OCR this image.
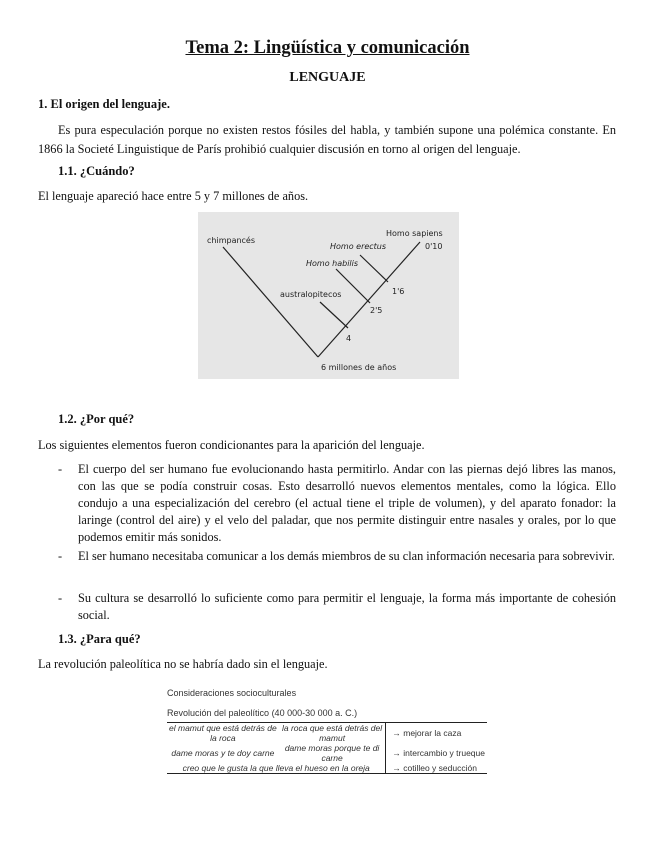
Tema 2: Lingüística y comunicación
LENGUAJE
1. El origen del lenguaje.
Es pura especulación porque no existen restos fósiles del habla, y también supone una polémica constante. En 1866 la Societé Linguistique de París prohibió cualquier discusión en torno al origen del lenguaje.
1.1. ¿Cuándo?
El lenguaje apareció hace entre 5 y 7 millones de años.
chimpancés
Homo sapiens
0'10
Homo erectus
Homo habilis
australopitecos	1'6
2'5
4
6 millones de años
1.2. ¿Por qué?
Los siguientes elementos fueron condicionantes para la aparición del lenguaje.
- El cuerpo del ser humano fue evolucionando hasta permitirlo. Andar con las piernas dejó libres las manos, con las que se podía construir cosas. Esto desarrolló nuevos elementos mentales, como la lógica. Ello condujo a una especialización del cerebro (el actual tiene el triple de volumen), y del aparato fonador: la laringe (control del aire) y el velo del paladar, que nos permite distinguir entre nasales y orales, por lo que podemos emitir más sonidos.
- El ser humano necesitaba comunicar a los demás miembros de su clan información necesaria para sobrevivir.
- Su cultura se desarrolló lo suficiente como para permitir el lenguaje, la forma más importante de cohesión social.
1.3. ¿Para qué?
La revolución paleolítica no se habría dado sin el lenguaje.
Consideraciones socioculturales
Revolución del paleolítico (40 000-30 000 a. C.)
el mamut que está detrás de la roca	la roca que está detrás del mamut	→ mejorar la caza
dame moras y te doy carne	dame moras porque te di carne	→ intercambio y trueque
creo que le gusta la que lleva el hueso en la oreja		→ cotilleo y seducción
